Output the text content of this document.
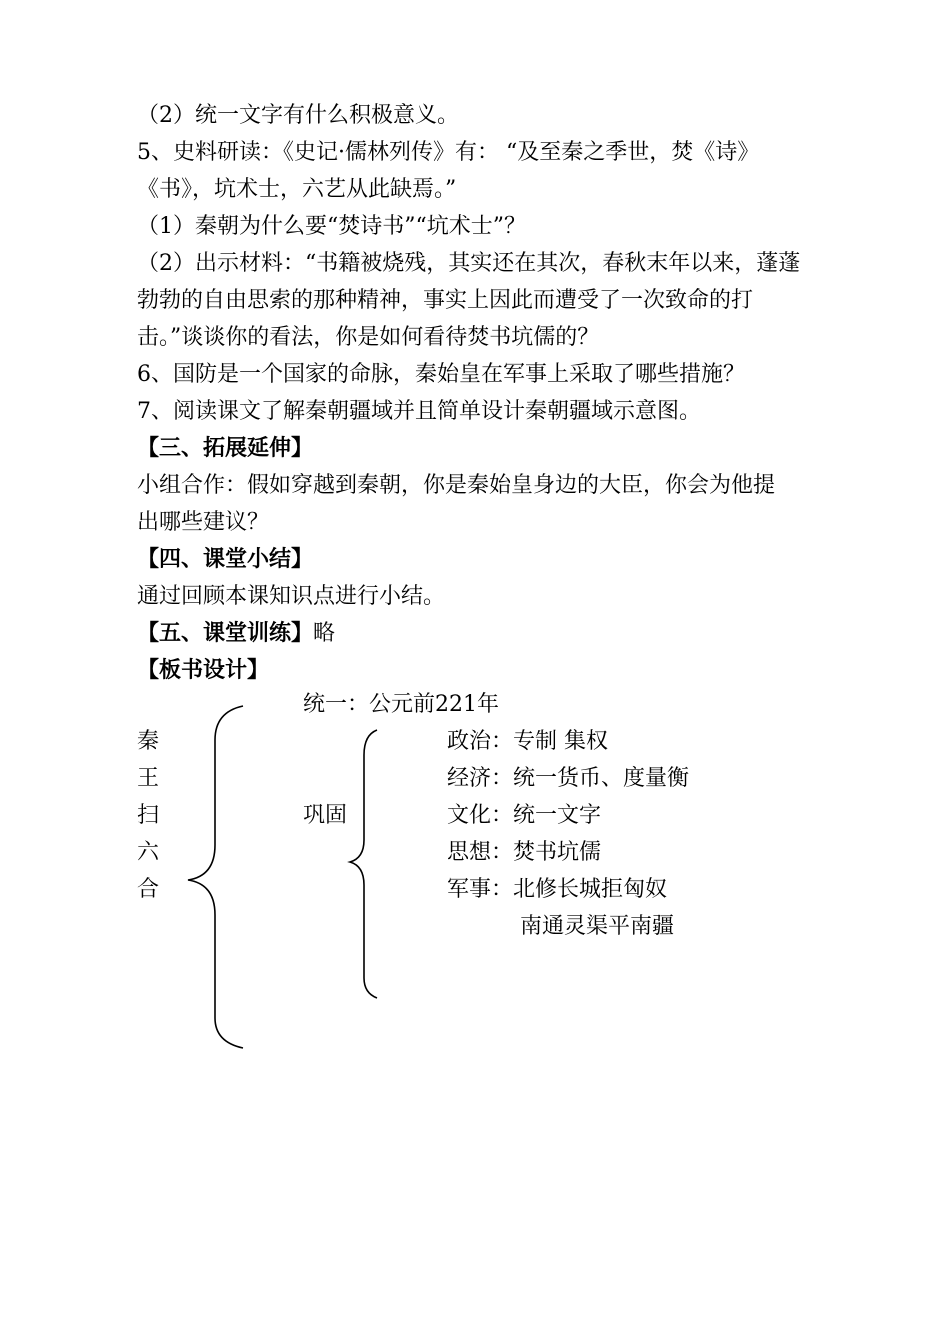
（2）统一文字有什么积极意义。
5、史料研读：《史记·儒林列传》有： “及至秦之季世，焚《诗》
《书》，坑术士，六艺从此缺焉。”
（1）秦朝为什么要“焚诗书”“坑术士”？
（2）出示材料：“书籍被烧残，其实还在其次，春秋末年以来，蓬蓬
勃勃的自由思索的那种精神，事实上因此而遭受了一次致命的打
击。”谈谈你的看法，你是如何看待焚书坑儒的？
6、国防是一个国家的命脉，秦始皇在军事上采取了哪些措施？
7、阅读课文了解秦朝疆域并且简单设计秦朝疆域示意图。
【三、拓展延伸】
小组合作：假如穿越到秦朝，你是秦始皇身边的大臣，你会为他提
出哪些建议？
【四、课堂小结】
通过回顾本课知识点进行小结。
【五、课堂训练】略
【板书设计】
秦
王
扫
六
合
统一：公元前221年
巩固
政治：专制 集权
经济：统一货币、度量衡
文化：统一文字
思想：焚书坑儒
军事：北修长城拒匈奴
南通灵渠平南疆
